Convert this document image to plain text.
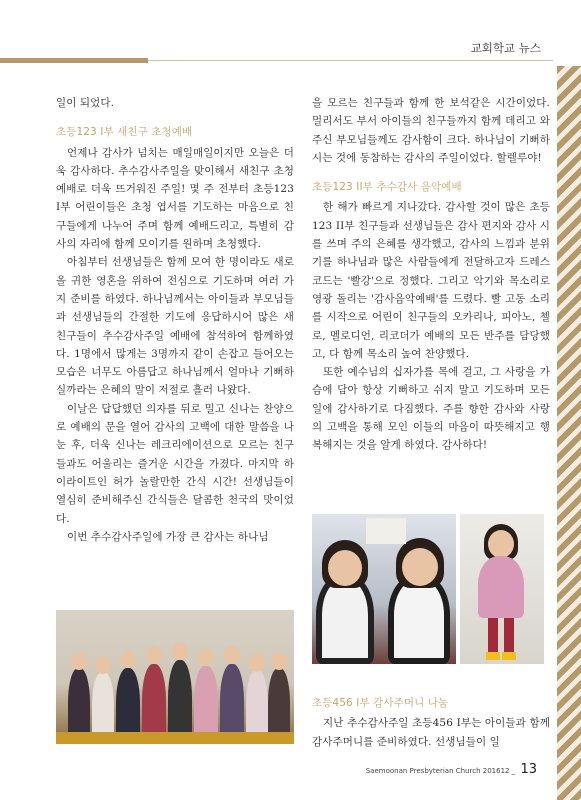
교회학교 뉴스

일이 되었다.

초등123 I부 새친구 초청예배

언제나 감사가 넘치는 매일매일이지만 오늘은 더욱 감사하다. 추수감사주일을 맞이해서 새친구 초청예배로 더욱 뜨거워진 주일! 몇 주 전부터 초등123 I부 어린이들은 초청 엽서를 기도하는 마음으로 친구들에게 나누어 주며 함께 예배드리고, 특별히 감사의 자리에 함께 모이기를 원하며 초청했다.

아침부터 선생님들은 함께 모여 한 명이라도 새로 올 귀한 영혼을 위하여 전심으로 기도하며 여러 가지 준비를 하였다. 하나님께서는 아이들과 부모님들과 선생님들의 간절한 기도에 응답하시어 많은 새 친구들이 추수감사주일 예배에 참석하여 함께하였다. 1명에서 많게는 3명까지 같이 손잡고 들어오는 모습은 너무도 아름답고 하나님께서 얼마나 기뻐하실까라는 은혜의 말이 저절로 흘러 나왔다.

이날은 답답했던 의자를 뒤로 밀고 신나는 찬양으로 예배의 문을 열어 감사의 고백에 대한 말씀을 나눈 후, 더욱 신나는 레크리에이션으로 모르는 친구들과도 어울리는 즐거운 시간을 가졌다. 마지막 하이라이트인 허가 놀랄만한 간식 시간! 선생님들이 열심히 준비해주신 간식들은 달콤한 천국의 맛이었다.

이번 추수감사주일에 가장 큰 감사는 하나님

을 모르는 친구들과 함께 한 보석같은 시간이었다. 멀리서도 부서 아이들의 친구들까지 함께 데리고 와주신 부모님들께도 감사함이 크다. 하나님이 기뻐하시는 것에 동참하는 감사의 주일이었다. 할렐루야!

초등123 II부 추수감사 음악예배

한 해가 빠르게 지나갔다. 감사할 것이 많은 초등123 II부 친구들과 선생님들은 감사 편지와 감사 시를 쓰며 주의 은혜를 생각했고, 감사의 느낌과 분위기를 하나님과 많은 사람들에게 전달하고자 드레스 코드는 '빨강'으로 정했다. 그리고 악기와 목소리로 영광 돌리는 '감사음악예배'를 드렸다. 빨 고동 소리를 시작으로 어린이 친구들의 오카리나, 피아노, 첼로, 멜로디언, 리코더가 예배의 모든 반주를 담당했고, 다 함께 목소리 높여 찬양했다.

또한 예수님의 십자가를 목에 걸고, 그 사랑을 가슴에 담아 항상 기뻐하고 쉬지 말고 기도하며 모든 일에 감사하기로 다짐했다. 주를 향한 감사와 사랑의 고백을 통해 모인 이들의 마음이 따뜻해지고 행복해지는 것을 알게 하였다. 감사하다!

초등456 I부 감사주머니 나눔

지난 추수감사주일 초등456 I부는 아이들과 함께 감사주머니를 준비하였다. 선생님들이 일

Saemoonan Presbyterian Church 201612 _ 13
